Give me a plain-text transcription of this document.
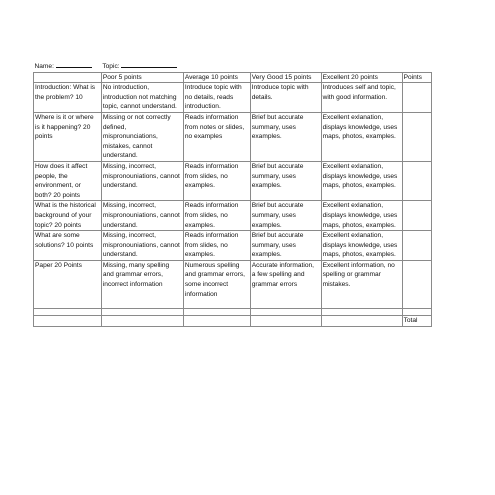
Name:	Topic:				
	Poor 5 points	Average 10 points	Very Good 15 points	Excellent 20 points	Points
Introduction: What is the problem? 10	No introduction, introduction not matching topic, cannot understand.	Introduce topic with no details, reads introduction.	Introduce topic with details.	Introduces self and topic, with good information.	
Where is it or where is it happening? 20 points	Missing or not correctly defined, mispronunciations, mistakes, cannot understand.	Reads information from notes or slides, no examples	Brief but accurate summary, uses examples.	Excellent exlanation, displays knowledge, uses maps, photos, examples.	
How does it affect people, the environment, or both? 20 points	Missing, incorrect, mispronouniations, cannot understand.	Reads information from slides, no examples.	Brief but accurate summary, uses examples.	Excellent exlanation, displays knowledge, uses maps, photos, examples.	
What is the historical background of your topic? 20 points	Missing, incorrect, mispronouniations, cannot understand.	Reads information from slides, no examples.	Brief but accurate summary, uses examples.	Excellent exlanation, displays knowledge, uses maps, photos, examples.	
What are some solutions? 10 points	Missing, incorrect, mispronouniations, cannot understand.	Reads information from slides, no examples.	Brief but accurate summary, uses examples.	Excellent exlanation, displays knowledge, uses maps, photos, examples.	
Paper 20 Points	Missing, many spelling and grammar errors, incorrect information	Numerous spelling and grammar errors, some incorrect information	Accurate information, a few spelling and grammar errors	Excellent information, no spelling or grammar mistakes.	

					Total
